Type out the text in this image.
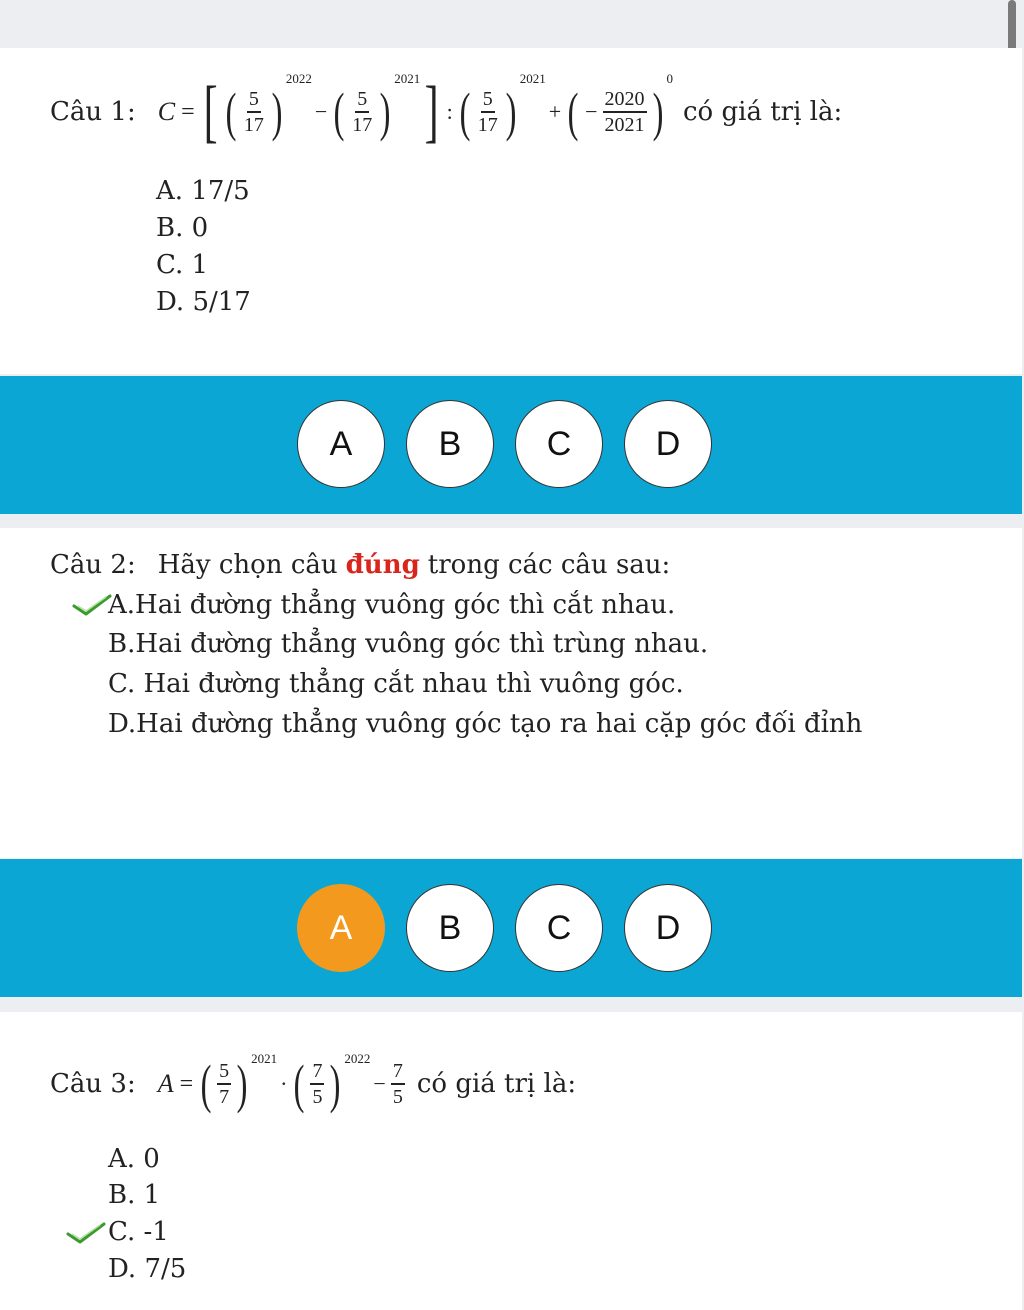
Câu 1: C = [ ( $\frac{5}{17}$ )
2022
− ( $\frac{5}{17}$ )
2021 ] : ( $\frac{5}{17}$ )
2021
+ ( − $\frac{2020}{2021}$ )
0
có giá trị là:
A. 17/5
B. 0
C. 1
D. 5/17
A	B	C	D
Câu 2: Hãy chọn câu đúng trong các câu sau:
A.Hai đường thẳng vuông góc thì cắt nhau.
B.Hai đường thẳng vuông góc thì trùng nhau.
C. Hai đường thẳng cắt nhau thì vuông góc.
D.Hai đường thẳng vuông góc tạo ra hai cặp góc đối đỉnh
A	B	C	D
Câu 3: A = ( $\frac{5}{7}$ ) 2021
· ( $\frac{7}{5}$ ) 2022
− $\frac{7}{5}$ có giá trị là:
A. 0
B. 1
C. -1
D. 7/5
